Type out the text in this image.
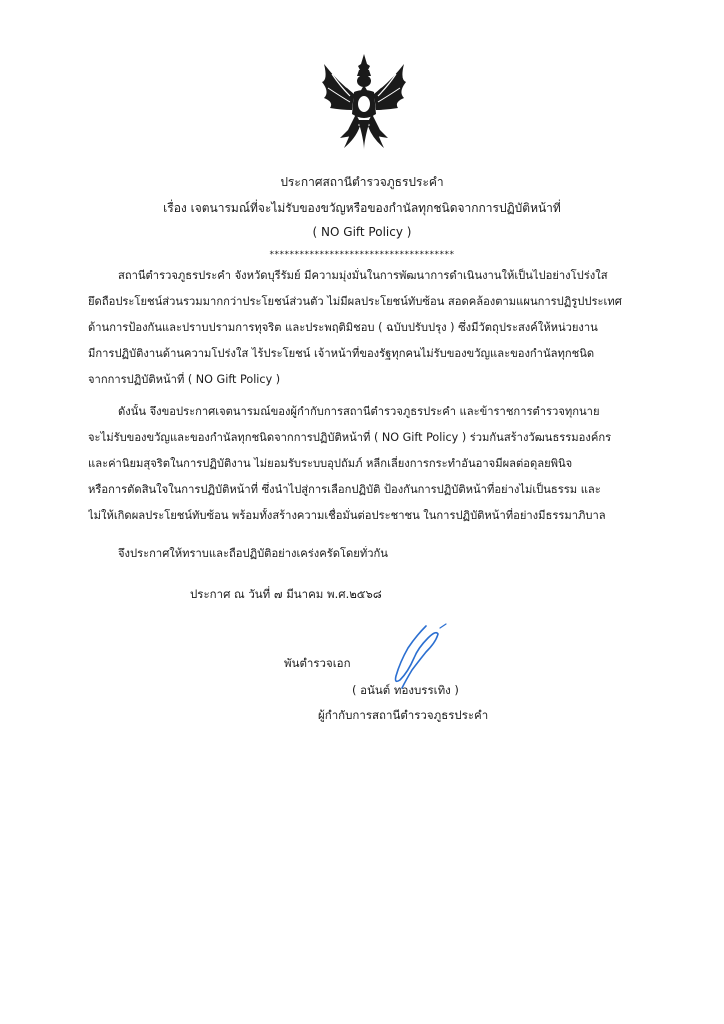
ประกาศสถานีตำรวจภูธรประคำ
เรื่อง เจตนารมณ์ที่จะไม่รับของขวัญหรือของกำนัลทุกชนิดจากการปฏิบัติหน้าที่
( NO Gift Policy )
*************************************
สถานีตำรวจภูธรประคำ จังหวัดบุรีรัมย์ มีความมุ่งมั่นในการพัฒนาการดำเนินงานให้เป็นไปอย่างโปร่งใส
ยึดถือประโยชน์ส่วนรวมมากกว่าประโยชน์ส่วนตัว ไม่มีผลประโยชน์ทับซ้อน สอดคล้องตามแผนการปฏิรูปประเทศ
ด้านการป้องกันและปราบปรามการทุจริต และประพฤติมิชอบ ( ฉบับปรับปรุง ) ซึ่งมีวัตถุประสงค์ให้หน่วยงาน
มีการปฏิบัติงานด้านความโปร่งใส ไร้ประโยชน์ เจ้าหน้าที่ของรัฐทุกคนไม่รับของขวัญและของกำนัลทุกชนิด
จากการปฏิบัติหน้าที่ ( NO Gift Policy )
ดังนั้น จึงขอประกาศเจตนารมณ์ของผู้กำกับการสถานีตำรวจภูธรประคำ และข้าราชการตำรวจทุกนาย
จะไม่รับของขวัญและของกำนัลทุกชนิดจากการปฏิบัติหน้าที่ ( NO Gift Policy ) ร่วมกันสร้างวัฒนธรรมองค์กร
และค่านิยมสุจริตในการปฏิบัติงาน ไม่ยอมรับระบบอุปถัมภ์ หลีกเลี่ยงการกระทำอันอาจมีผลต่อดุลยพินิจ
หรือการตัดสินใจในการปฏิบัติหน้าที่ ซึ่งนำไปสู่การเลือกปฏิบัติ ป้องกันการปฏิบัติหน้าที่อย่างไม่เป็นธรรม และ
ไม่ให้เกิดผลประโยชน์ทับซ้อน พร้อมทั้งสร้างความเชื่อมั่นต่อประชาชน ในการปฏิบัติหน้าที่อย่างมีธรรมาภิบาล
จึงประกาศให้ทราบและถือปฏิบัติอย่างเคร่งครัดโดยทั่วกัน
ประกาศ ณ วันที่ ๗ มีนาคม พ.ศ.๒๕๖๘
พันตำรวจเอก
( อนันต์ ทองบรรเทิง )
ผู้กำกับการสถานีตำรวจภูธรประคำ
